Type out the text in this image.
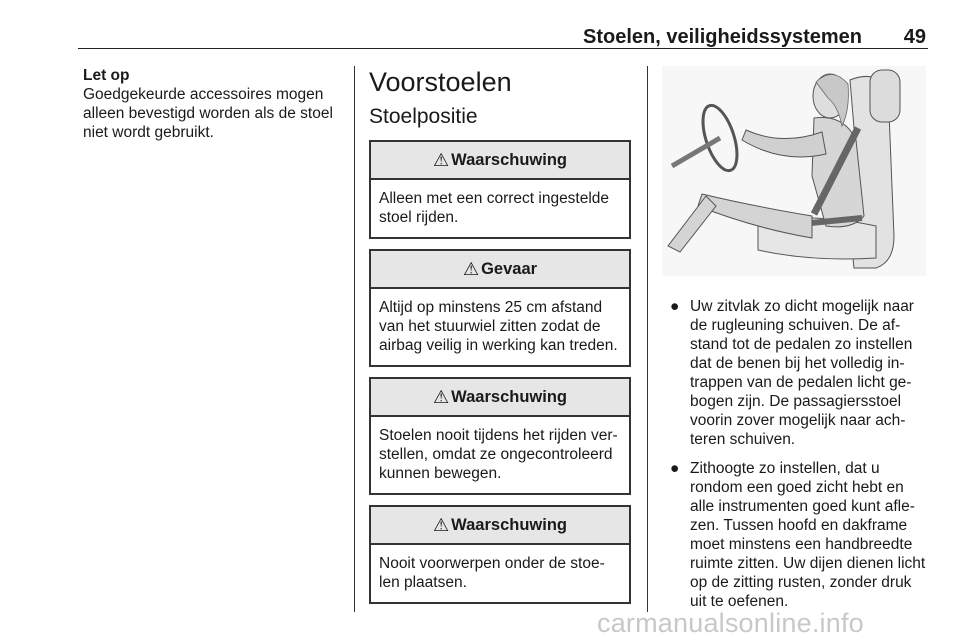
Stoelen, veiligheidssystemen 49
Let op
Goedgekeurde accessoires mogen alleen bevestigd worden als de stoel niet wordt gebruikt.
Voorstoelen
Stoelpositie
⚠ Waarschuwing
Alleen met een correct ingestelde stoel rijden.
⚠ Gevaar
Altijd op minstens 25 cm afstand van het stuurwiel zitten zodat de airbag veilig in werking kan treden.
⚠ Waarschuwing
Stoelen nooit tijdens het rijden ver- stellen, omdat ze ongecontroleerd kunnen bewegen.
⚠ Waarschuwing
Nooit voorwerpen onder de stoe- len plaatsen.
● Uw zitvlak zo dicht mogelijk naar de rugleuning schuiven. De af- stand tot de pedalen zo instellen dat de benen bij het volledig in- trappen van de pedalen licht ge- bogen zijn. De passagiersstoel voorin zover mogelijk naar ach- teren schuiven.
● Zithoogte zo instellen, dat u rondom een goed zicht hebt en alle instrumenten goed kunt afle- zen. Tussen hoofd en dakframe moet minstens een handbreedte ruimte zitten. Uw dijen dienen licht op de zitting rusten, zonder druk uit te oefenen.
carmanualsonline.info
